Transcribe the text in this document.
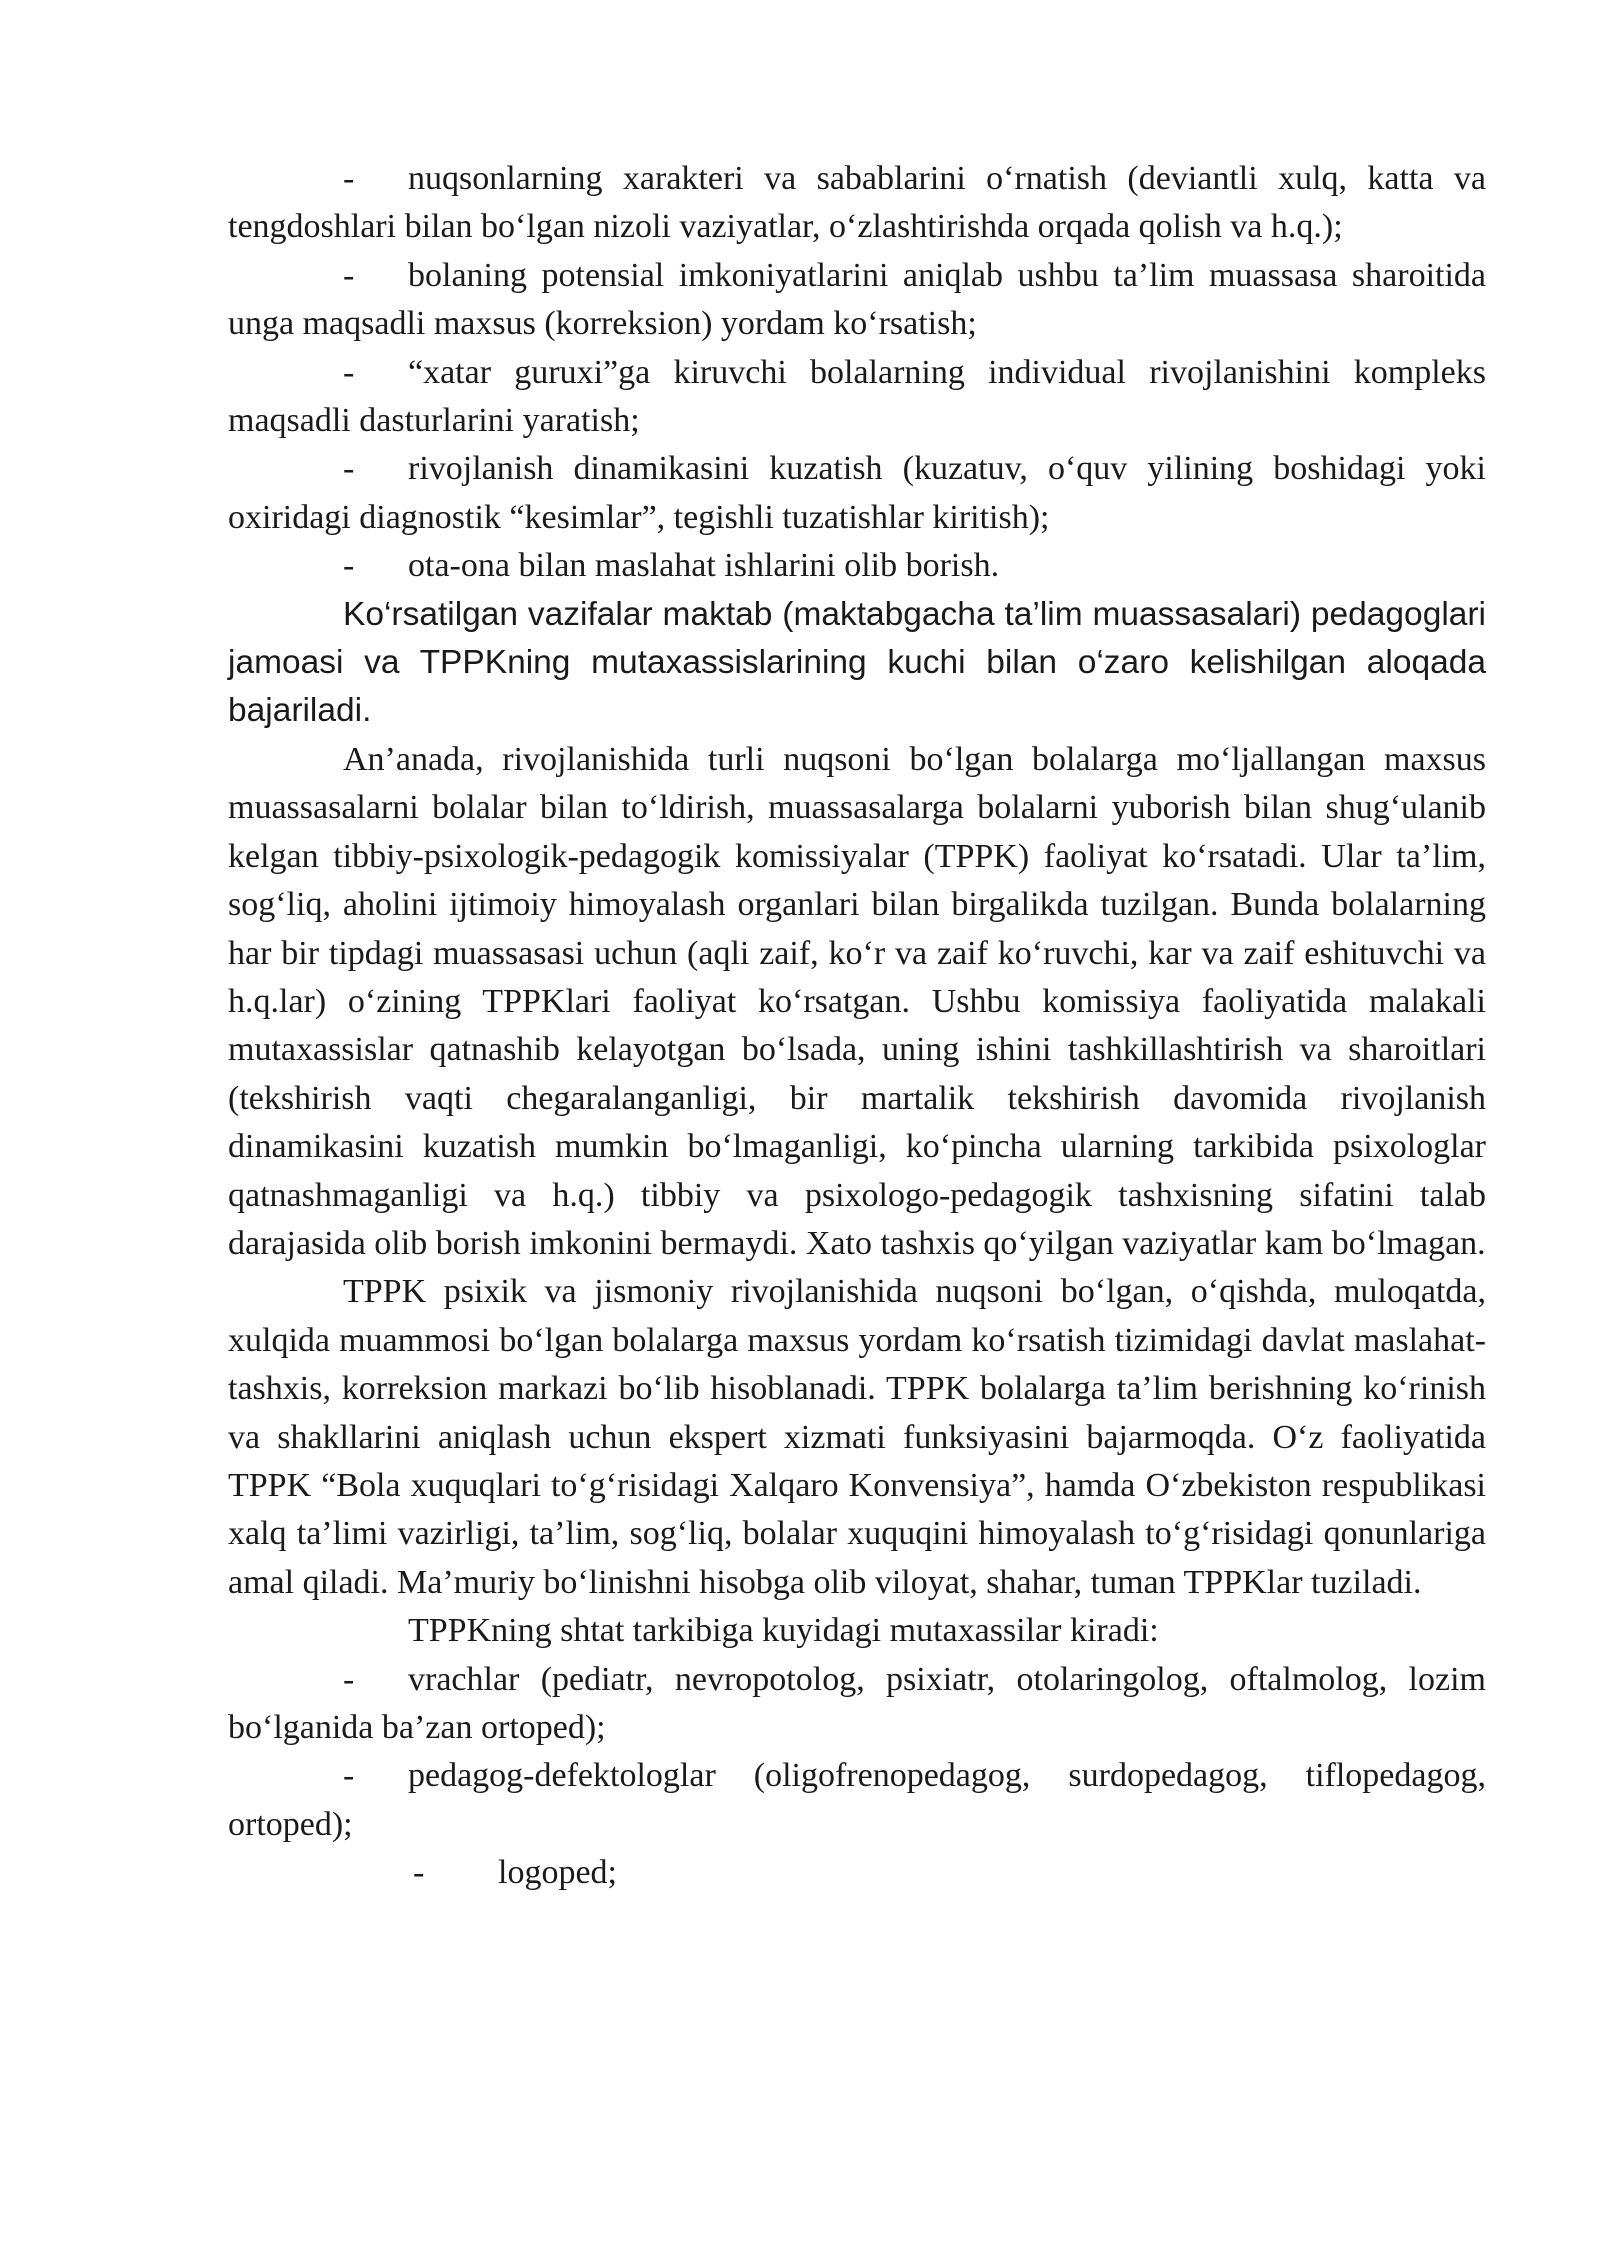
- nuqsonlarning xarakteri va sabablarini o‘rnatish (deviantli xulq, katta va tengdoshlari bilan bo‘lgan nizoli vaziyatlar, o‘zlashtirishda orqada qolish va h.q.);

- bolaning potensial imkoniyatlarini aniqlab ushbu ta’lim muassasa sharoitida unga maqsadli maxsus (korreksion) yordam ko‘rsatish;

- “xatar guruxi”ga kiruvchi bolalarning individual rivojlanishini kompleks maqsadli dasturlarini yaratish;

- rivojlanish dinamikasini kuzatish (kuzatuv, o‘quv yilining boshidagi yoki oxiridagi diagnostik “kesimlar”, tegishli tuzatishlar kiritish);

- ota-ona bilan maslahat ishlarini olib borish.

Ko‘rsatilgan vazifalar maktab (maktabgacha ta’lim muassasalari) pedagoglari jamoasi va TPPKning mutaxassislarining kuchi bilan o‘zaro kelishilgan aloqada bajariladi.

An’anada, rivojlanishida turli nuqsoni bo‘lgan bolalarga mo‘ljallangan maxsus muassasalarni bolalar bilan to‘ldirish, muassasalarga bolalarni yuborish bilan shug‘ulanib kelgan tibbiy-psixologik-pedagogik komissiyalar (TPPK) faoliyat ko‘rsatadi. Ular ta’lim, sog‘liq, aholini ijtimoiy himoyalash organlari bilan birgalikda tuzilgan. Bunda bolalarning har bir tipdagi muassasasi uchun (aqli zaif, ko‘r va zaif ko‘ruvchi, kar va zaif eshituvchi va h.q.lar) o‘zining TPPKlari faoliyat ko‘rsatgan. Ushbu komissiya faoliyatida malakali mutaxassislar qatnashib kelayotgan bo‘lsada, uning ishini tashkillashtirish va sharoitlari (tekshirish vaqti chegaralanganligi, bir martalik tekshirish davomida rivojlanish dinamikasini kuzatish mumkin bo‘lmaganligi, ko‘pincha ularning tarkibida psixologlar qatnashmaganligi va h.q.) tibbiy va psixologo-pedagogik tashxisning sifatini talab darajasida olib borish imkonini bermaydi. Xato tashxis qo‘yilgan vaziyatlar kam bo‘lmagan.

TPPK psixik va jismoniy rivojlanishida nuqsoni bo‘lgan, o‘qishda, muloqatda, xulqida muammosi bo‘lgan bolalarga maxsus yordam ko‘rsatish tizimidagi davlat maslahat-tashxis, korreksion markazi bo‘lib hisoblanadi. TPPK bolalarga ta’lim berishning ko‘rinish va shakllarini aniqlash uchun ekspert xizmati funksiyasini bajarmoqda. O‘z faoliyatida TPPK “Bola xuquqlari to‘g‘risidagi Xalqaro Konvensiya”, hamda O‘zbekiston respublikasi xalq ta’limi vazirligi, ta’lim, sog‘liq, bolalar xuquqini himoyalash to‘g‘risidagi qonunlariga amal qiladi. Ma’muriy bo‘linishni hisobga olib viloyat, shahar, tuman TPPKlar tuziladi.

TPPKning shtat tarkibiga kuyidagi mutaxassilar kiradi:

- vrachlar (pediatr, nevropotolog, psixiatr, otolaringolog, oftalmolog, lozim bo‘lganida ba’zan ortoped);

- pedagog-defektologlar (oligofrenopedagog, surdopedagog, tiflopedagog, ortoped);

- logoped;
